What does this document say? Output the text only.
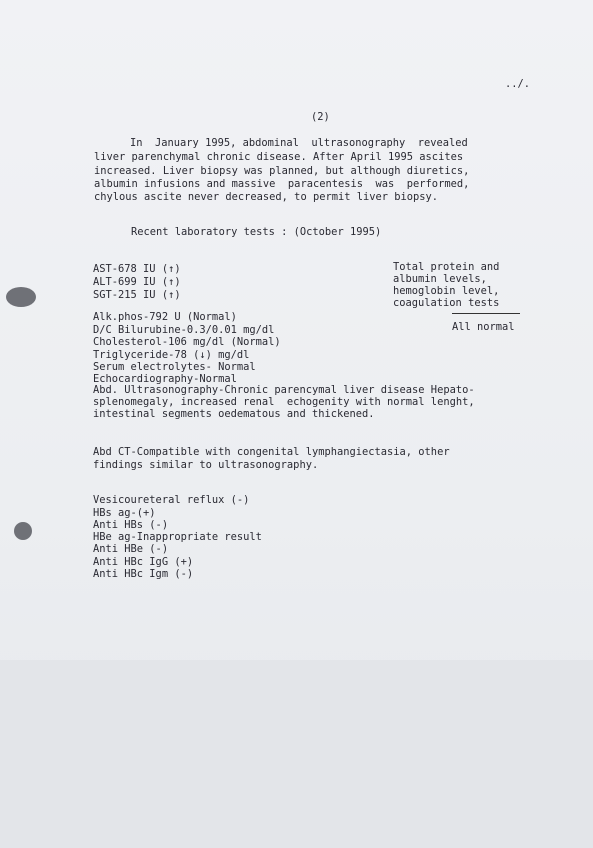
../.
(2)
In  January 1995, abdominal  ultrasonography  revealed
liver parenchymal chronic disease. After April 1995 ascites
increased. Liver biopsy was planned, but although diuretics,
albumin infusions and massive  paracentesis  was  performed,
chylous ascite never decreased, to permit liver biopsy.
Recent laboratory tests : (October 1995)
AST-678 IU (↑)
ALT-699 IU (↑)
SGT-215 IU (↑)
Total protein and
albumin levels,
hemoglobin level,
coagulation tests
All normal
Alk.phos-792 U (Normal)
D/C Bilurubine-0.3/0.01 mg/dl
Cholesterol-106 mg/dl (Normal)
Triglyceride-78 (↓) mg/dl
Serum electrolytes- Normal
Echocardiography-Normal
Abd. Ultrasonography-Chronic parencymal liver disease Hepato-
splenomegaly, increased renal  echogenity with normal lenght,
intestinal segments oedematous and thickened.
Abd CT-Compatible with congenital lymphangiectasia, other
findings similar to ultrasonography.
Vesicoureteral reflux (-)
HBs ag-(+)
Anti HBs (-)
HBe ag-Inappropriate result
Anti HBe (-)
Anti HBc IgG (+)
Anti HBc Igm (-)
